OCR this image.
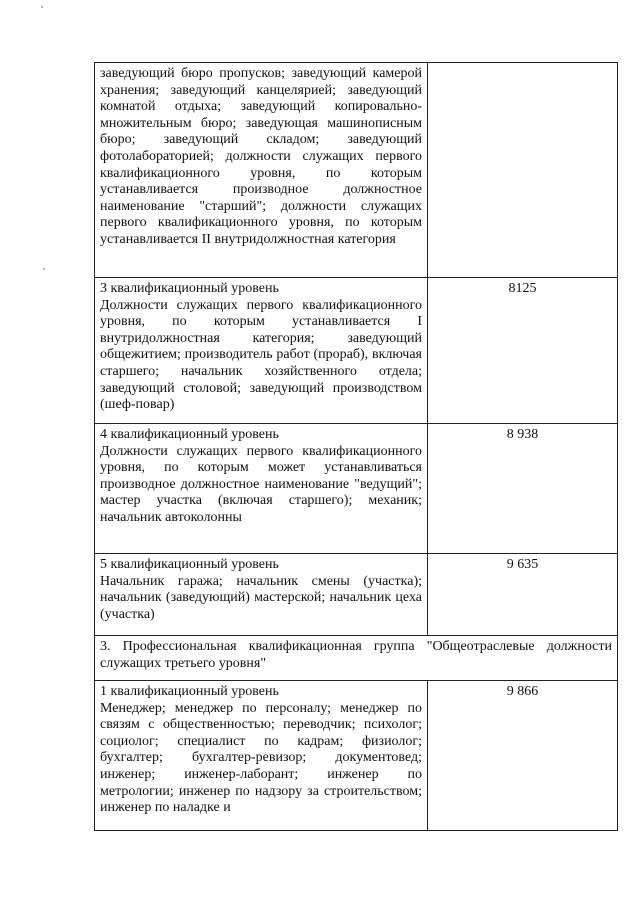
заведующий бюро пропусков; заведующий камерой хранения; заведующий канцелярией; заведующий комнатой отдыха; заведующий копировально-множительным бюро; заведующая машинописным бюро; заведующий складом; заведующий фотолабораторией; должности служащих первого квалификационного уровня, по которым устанавливается производное должностное наименование "старший"; должности служащих первого квалификационного уровня, по которым устанавливается II внутридолжностная категория	

3 квалификационный уровень
Должности служащих первого квалификационного уровня, по которым устанавливается I внутридолжностная категория; заведующий общежитием; производитель работ (прораб), включая старшего; начальник хозяйственного отдела; заведующий столовой; заведующий производством (шеф-повар)	8125

4 квалификационный уровень
Должности служащих первого квалификационного уровня, по которым может устанавливаться производное должностное наименование "ведущий"; мастер участка (включая старшего); механик; начальник автоколонны	8 938

5 квалификационный уровень
Начальник гаража; начальник смены (участка); начальник (заведующий) мастерской; начальник цеха (участка)	9 635
3. Профессиональная квалификационная группа "Общеотраслевые должности служащих третьего уровня"	

1 квалификационный уровень
Менеджер; менеджер по персоналу; менеджер по связям с общественностью; переводчик; психолог; социолог; специалист по кадрам; физиолог; бухгалтер; бухгалтер-ревизор; документовед; инженер; инженер-лаборант; инженер по метрологии; инженер по надзору за строительством; инженер по наладке и	9 866
